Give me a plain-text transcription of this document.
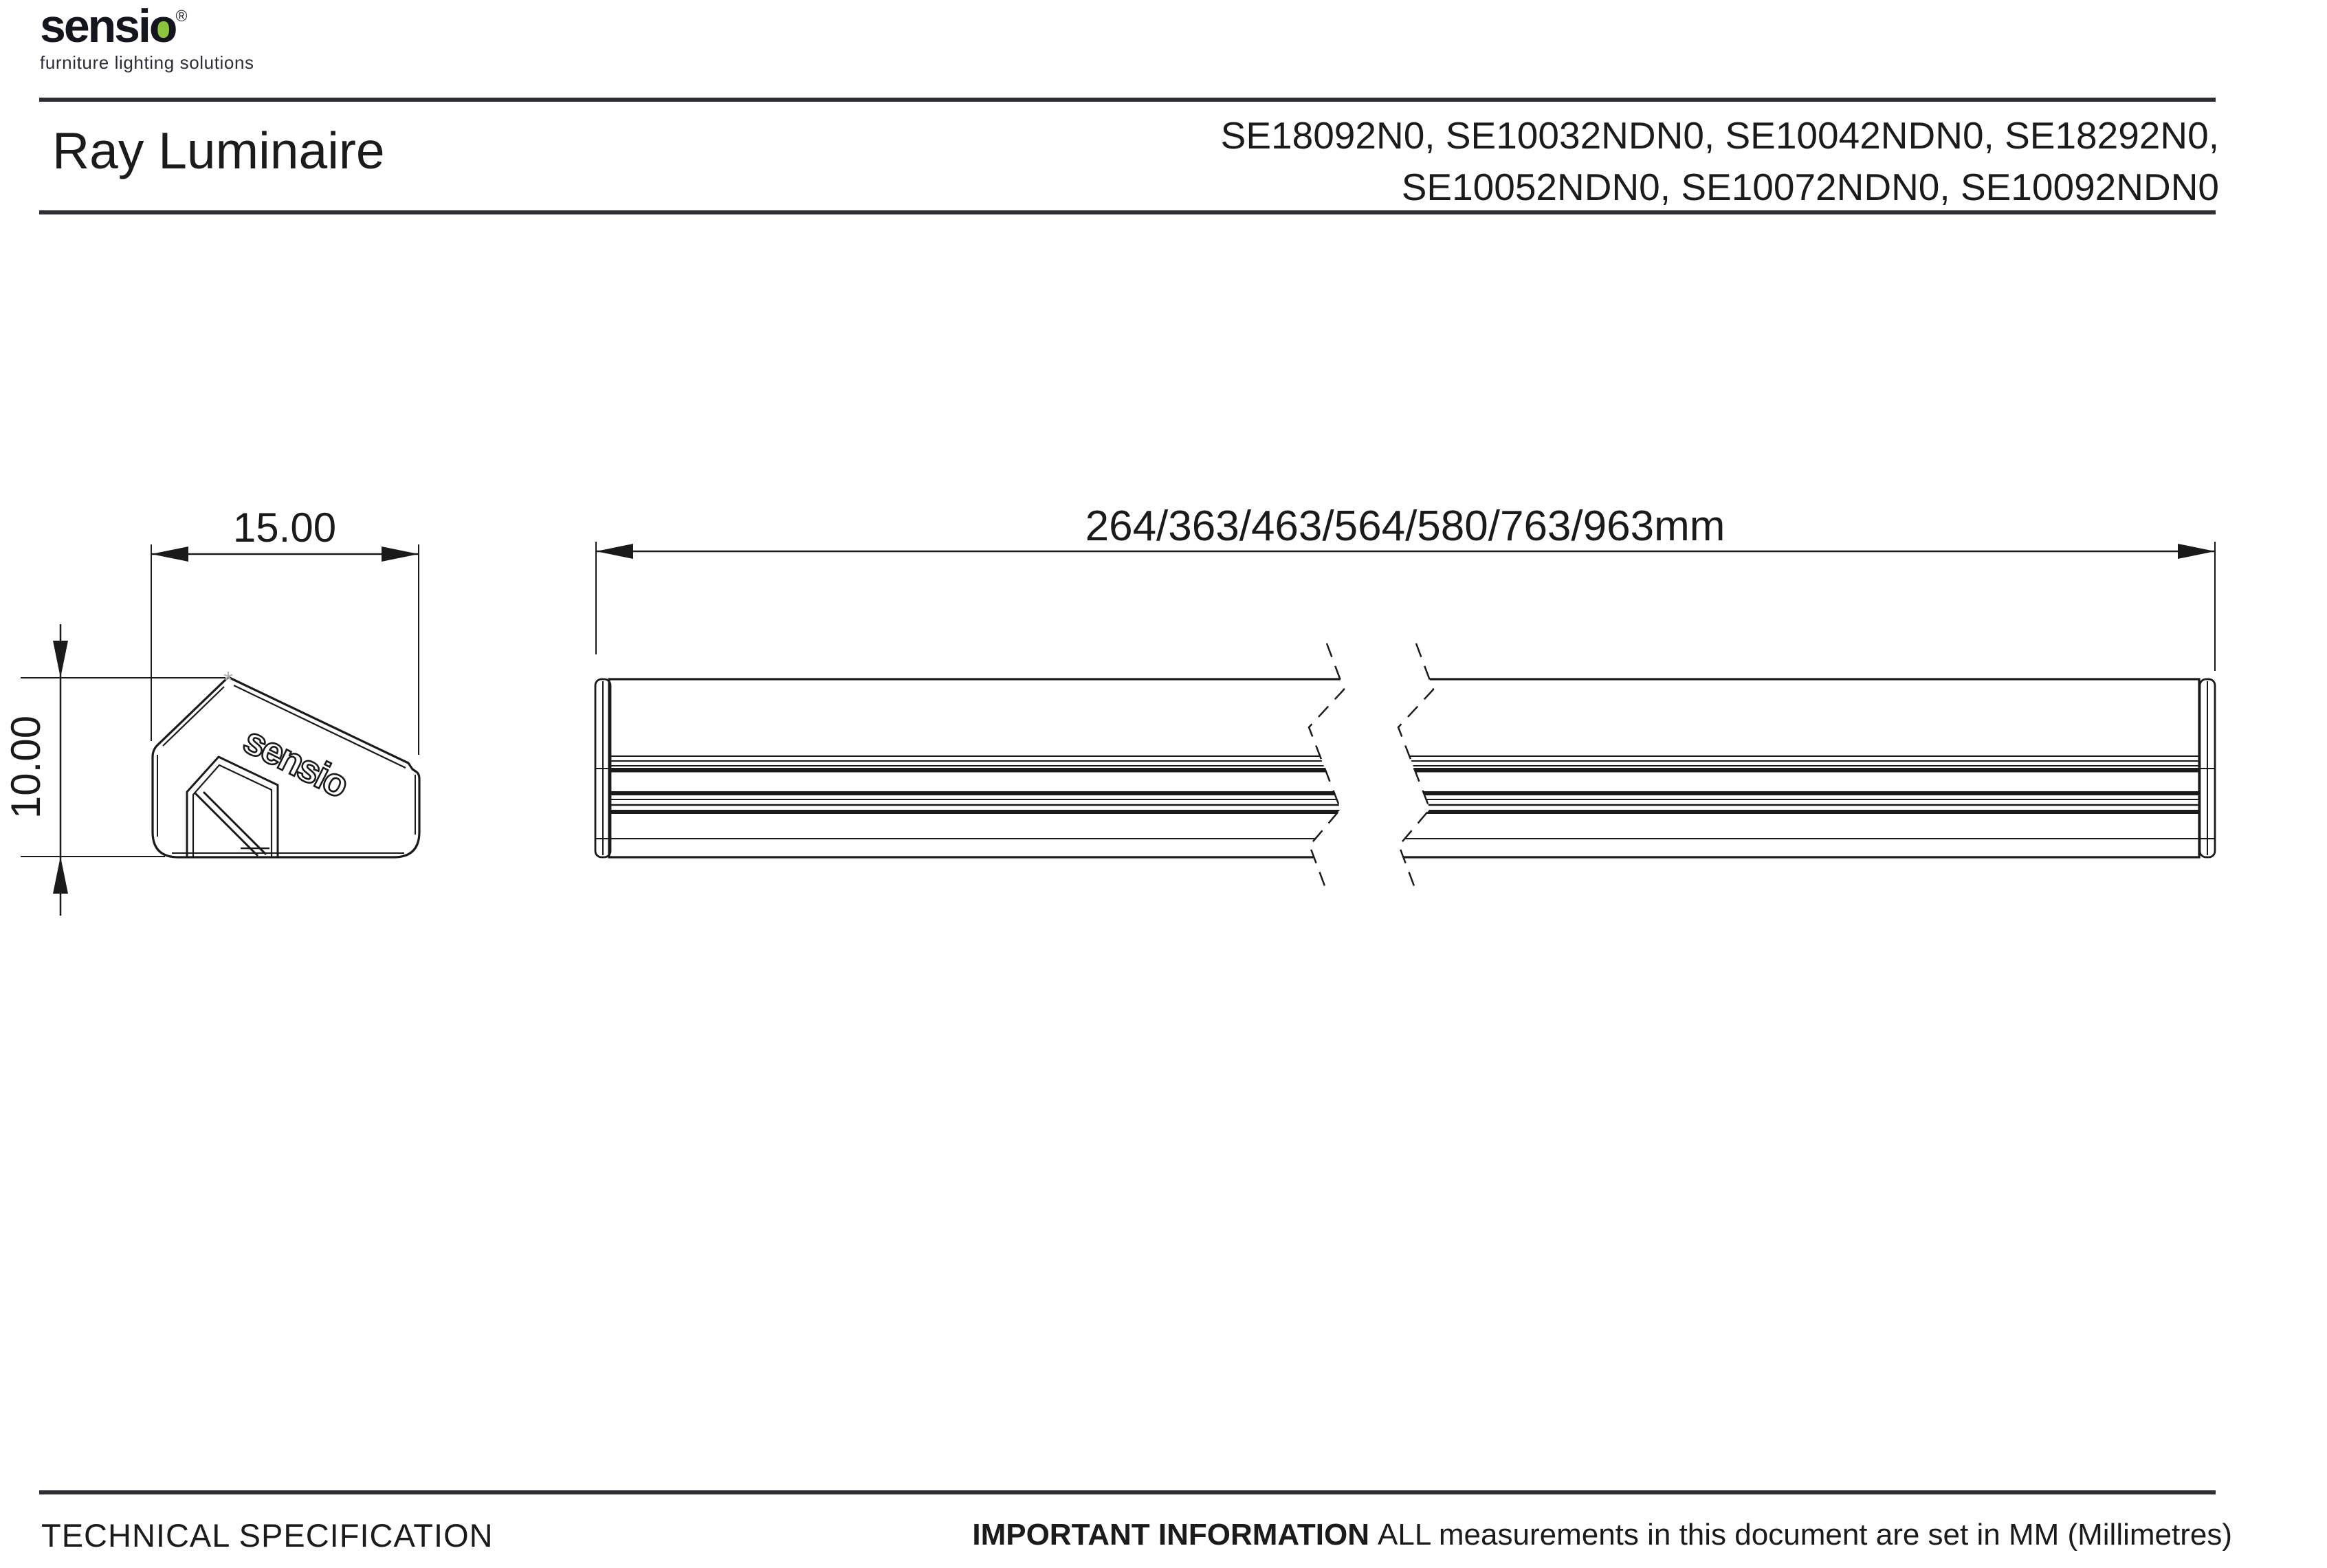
sensio
®
furniture lighting solutions
Ray Luminaire	SE18092N0, SE10032NDN0, SE10042NDN0, SE18292N0,
SE10052NDN0, SE10072NDN0, SE10092NDN0
sensio
*
15.00
10.00
264/363/463/564/580/763/963mm
TECHNICAL SPECIFICATION	IMPORTANT INFORMATION ALL measurements in this document are set in MM (Millimetres)
